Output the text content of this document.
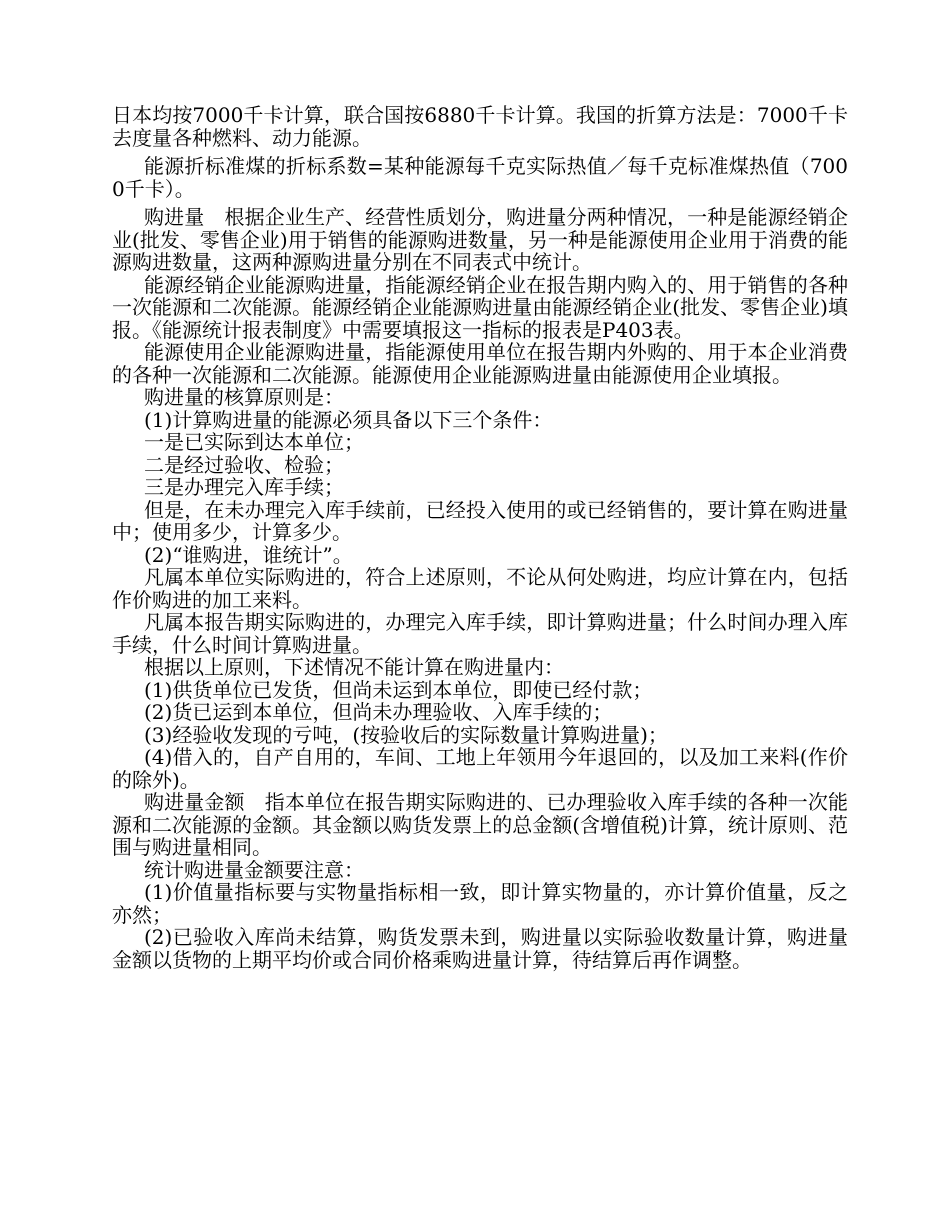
日本均按7000千卡计算，联合国按6880千卡计算。我国的折算方法是：7000千卡去度量各种燃料、动力能源。

能源折标准煤的折标系数=某种能源每千克实际热值／每千克标准煤热值（7000千卡）。

购进量　根据企业生产、经营性质划分，购进量分两种情况，一种是能源经销企业(批发、零售企业)用于销售的能源购进数量，另一种是能源使用企业用于消费的能源购进数量，这两种源购进量分别在不同表式中统计。

能源经销企业能源购进量，指能源经销企业在报告期内购入的、用于销售的各种一次能源和二次能源。能源经销企业能源购进量由能源经销企业(批发、零售企业)填报。《能源统计报表制度》中需要填报这一指标的报表是P403表。

能源使用企业能源购进量，指能源使用单位在报告期内外购的、用于本企业消费的各种一次能源和二次能源。能源使用企业能源购进量由能源使用企业填报。

购进量的核算原则是：

(1)计算购进量的能源必须具备以下三个条件：

一是已实际到达本单位；

二是经过验收、检验；

三是办理完入库手续；

但是，在未办理完入库手续前，已经投入使用的或已经销售的，要计算在购进量中；使用多少，计算多少。

(2)“谁购进，谁统计”。

凡属本单位实际购进的，符合上述原则，不论从何处购进，均应计算在内，包括作价购进的加工来料。

凡属本报告期实际购进的，办理完入库手续，即计算购进量；什么时间办理入库手续，什么时间计算购进量。

根据以上原则，下述情况不能计算在购进量内：

(1)供货单位已发货，但尚未运到本单位，即使已经付款；

(2)货已运到本单位，但尚未办理验收、入库手续的；

(3)经验收发现的亏吨，(按验收后的实际数量计算购进量)；

(4)借入的，自产自用的，车间、工地上年领用今年退回的，以及加工来料(作价的除外)。

购进量金额　指本单位在报告期实际购进的、已办理验收入库手续的各种一次能源和二次能源的金额。其金额以购货发票上的总金额(含增值税)计算，统计原则、范围与购进量相同。

统计购进量金额要注意：

(1)价值量指标要与实物量指标相一致，即计算实物量的，亦计算价值量，反之亦然；

(2)已验收入库尚未结算，购货发票未到，购进量以实际验收数量计算，购进量金额以货物的上期平均价或合同价格乘购进量计算，待结算后再作调整。
